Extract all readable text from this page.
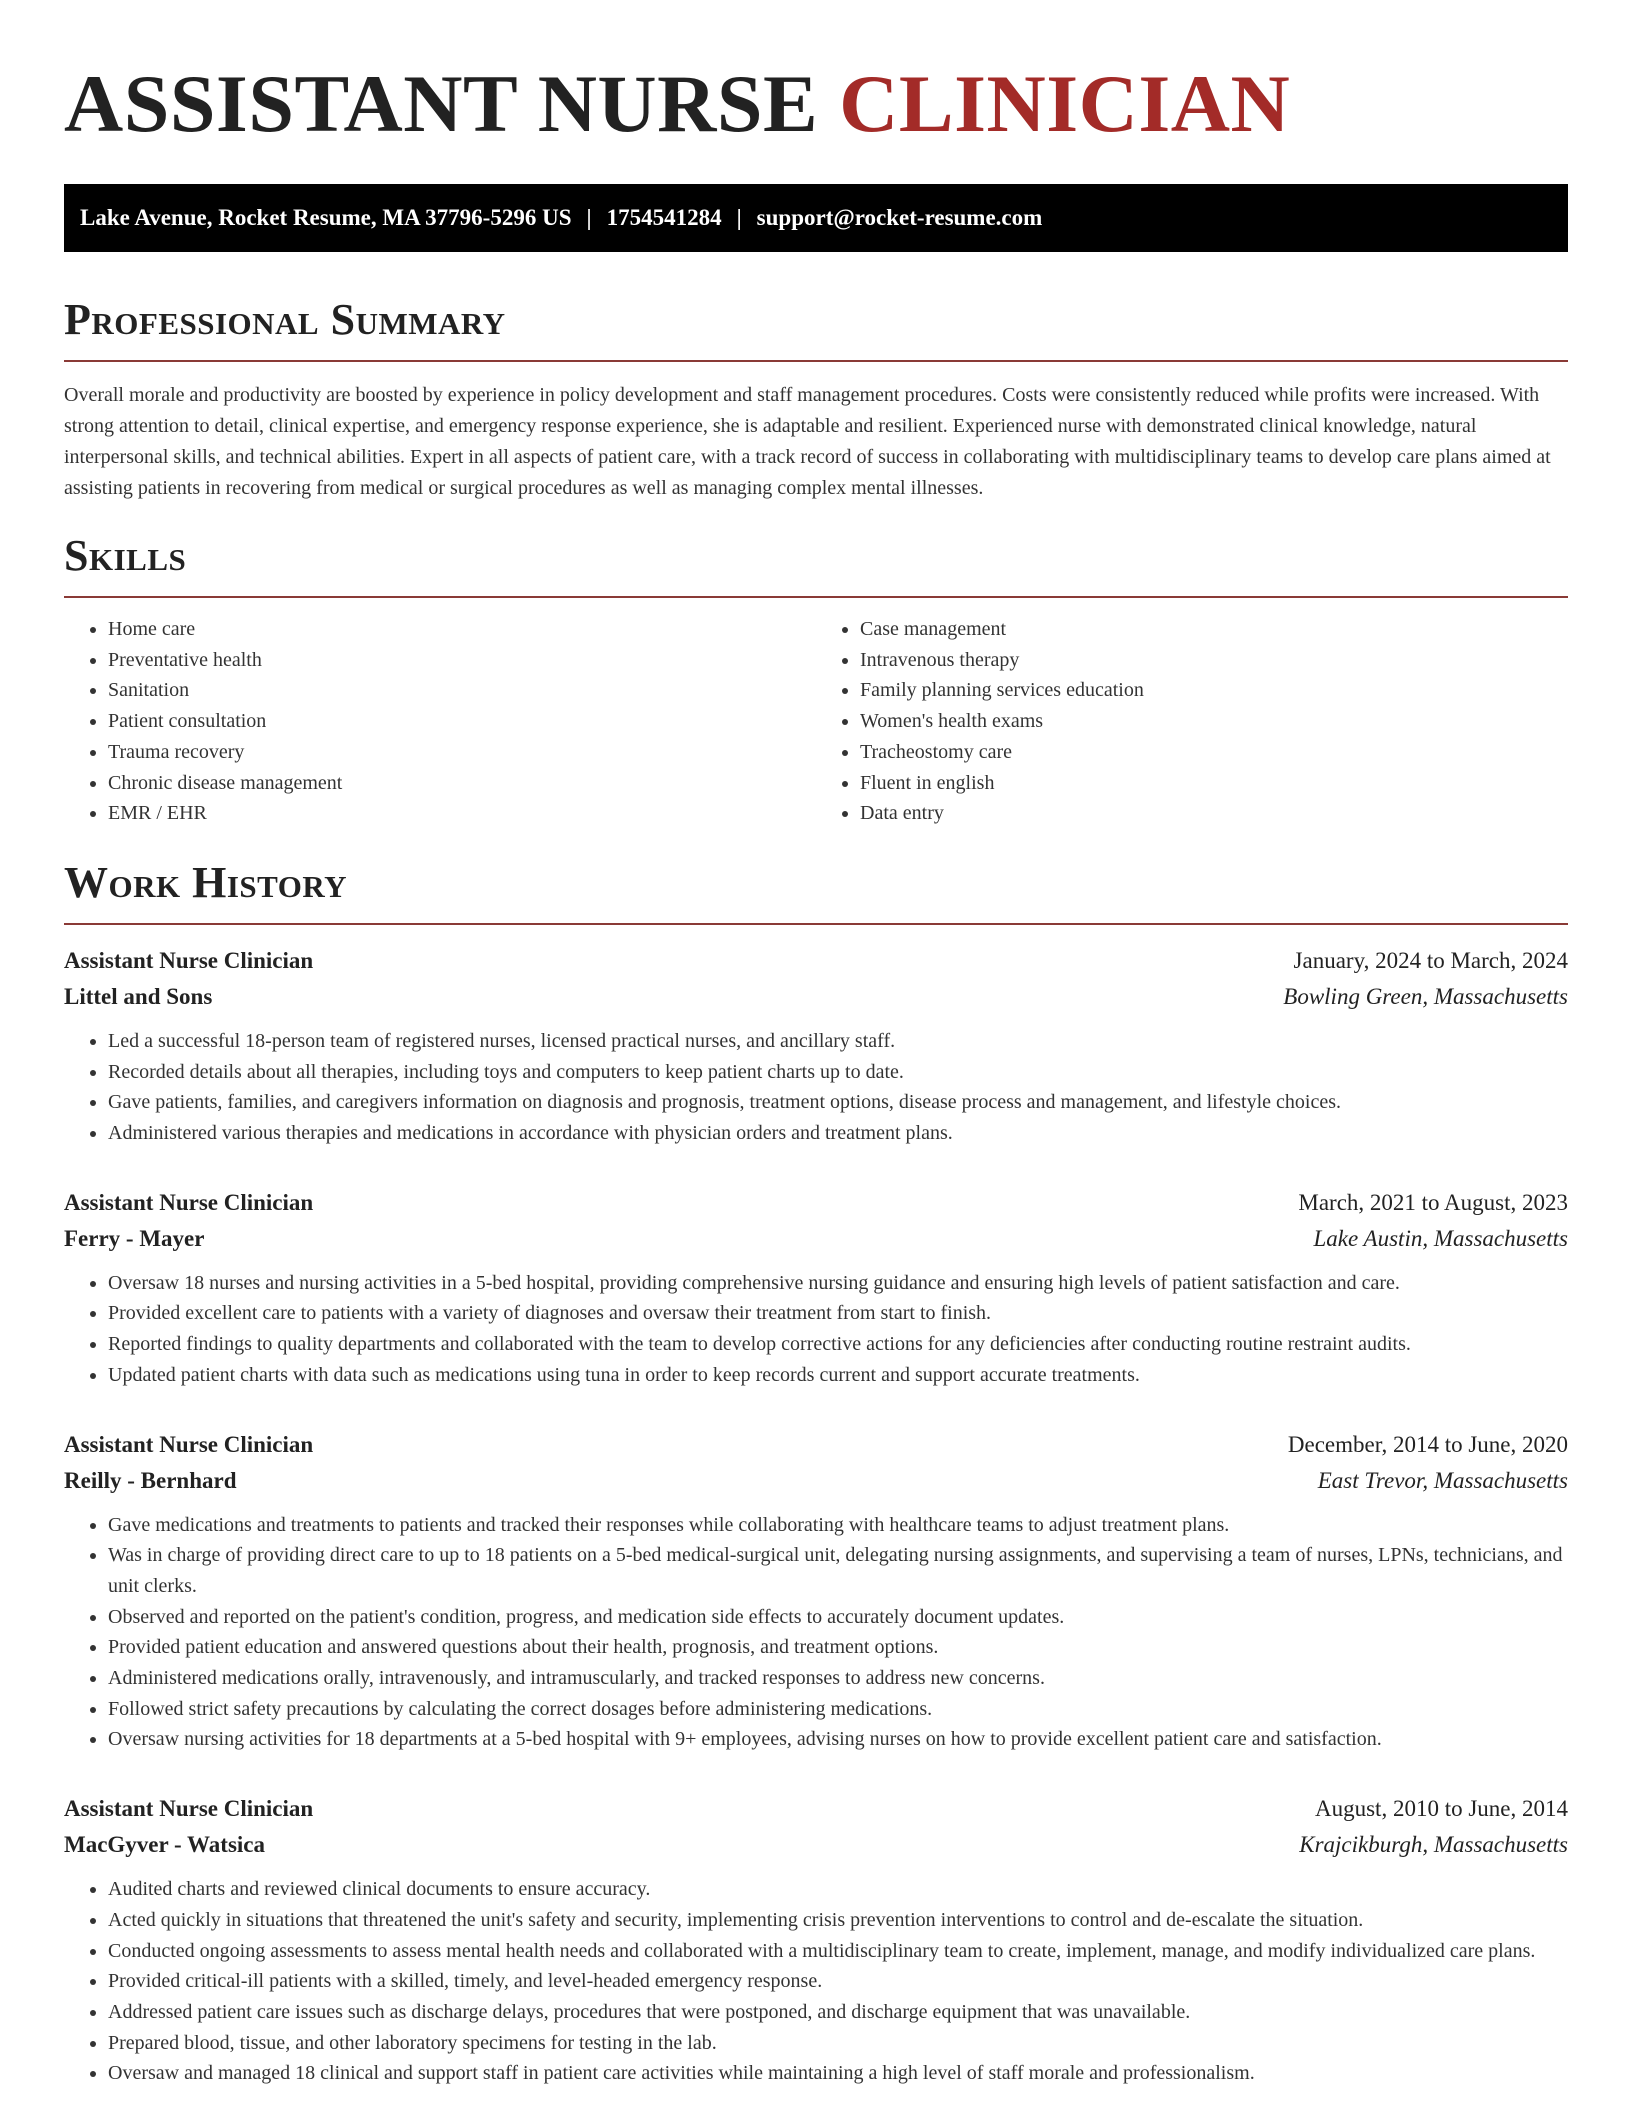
ASSISTANT NURSE CLINICIAN
Lake Avenue, Rocket Resume, MA 37796-5296 US | 1754541284 | support@rocket-resume.com
Professional Summary

Overall morale and productivity are boosted by experience in policy development and staff management procedures. Costs were consistently reduced while profits were increased. With strong attention to detail, clinical expertise, and emergency response experience, she is adaptable and resilient. Experienced nurse with demonstrated clinical knowledge, natural interpersonal skills, and technical abilities. Expert in all aspects of patient care, with a track record of success in collaborating with multidisciplinary teams to develop care plans aimed at assisting patients in recovering from medical or surgical procedures as well as managing complex mental illnesses.

Skills
• Home care
• Preventative health
• Sanitation
• Patient consultation
• Trauma recovery
• Chronic disease management
• EMR / EHR
• Case management
• Intravenous therapy
• Family planning services education
• Women's health exams
• Tracheostomy care
• Fluent in english
• Data entry
Work History
Assistant Nurse Clinician	January, 2024 to March, 2024
Littel and Sons	Bowling Green, Massachusetts
• Led a successful 18-person team of registered nurses, licensed practical nurses, and ancillary staff.
• Recorded details about all therapies, including toys and computers to keep patient charts up to date.
• Gave patients, families, and caregivers information on diagnosis and prognosis, treatment options, disease process and management, and lifestyle choices.
• Administered various therapies and medications in accordance with physician orders and treatment plans.
Assistant Nurse Clinician	March, 2021 to August, 2023
Ferry - Mayer	Lake Austin, Massachusetts
• Oversaw 18 nurses and nursing activities in a 5-bed hospital, providing comprehensive nursing guidance and ensuring high levels of patient satisfaction and care.
• Provided excellent care to patients with a variety of diagnoses and oversaw their treatment from start to finish.
• Reported findings to quality departments and collaborated with the team to develop corrective actions for any deficiencies after conducting routine restraint audits.
• Updated patient charts with data such as medications using tuna in order to keep records current and support accurate treatments.
Assistant Nurse Clinician	December, 2014 to June, 2020
Reilly - Bernhard	East Trevor, Massachusetts
• Gave medications and treatments to patients and tracked their responses while collaborating with healthcare teams to adjust treatment plans.
• Was in charge of providing direct care to up to 18 patients on a 5-bed medical-surgical unit, delegating nursing assignments, and supervising a team of nurses, LPNs, technicians, and unit clerks.
• Observed and reported on the patient's condition, progress, and medication side effects to accurately document updates.
• Provided patient education and answered questions about their health, prognosis, and treatment options.
• Administered medications orally, intravenously, and intramuscularly, and tracked responses to address new concerns.
• Followed strict safety precautions by calculating the correct dosages before administering medications.
• Oversaw nursing activities for 18 departments at a 5-bed hospital with 9+ employees, advising nurses on how to provide excellent patient care and satisfaction.
Assistant Nurse Clinician	August, 2010 to June, 2014
MacGyver - Watsica	Krajcikburgh, Massachusetts
• Audited charts and reviewed clinical documents to ensure accuracy.
• Acted quickly in situations that threatened the unit's safety and security, implementing crisis prevention interventions to control and de-escalate the situation.
• Conducted ongoing assessments to assess mental health needs and collaborated with a multidisciplinary team to create, implement, manage, and modify individualized care plans.
• Provided critical-ill patients with a skilled, timely, and level-headed emergency response.
• Addressed patient care issues such as discharge delays, procedures that were postponed, and discharge equipment that was unavailable.
• Prepared blood, tissue, and other laboratory specimens for testing in the lab.
• Oversaw and managed 18 clinical and support staff in patient care activities while maintaining a high level of staff morale and professionalism.
